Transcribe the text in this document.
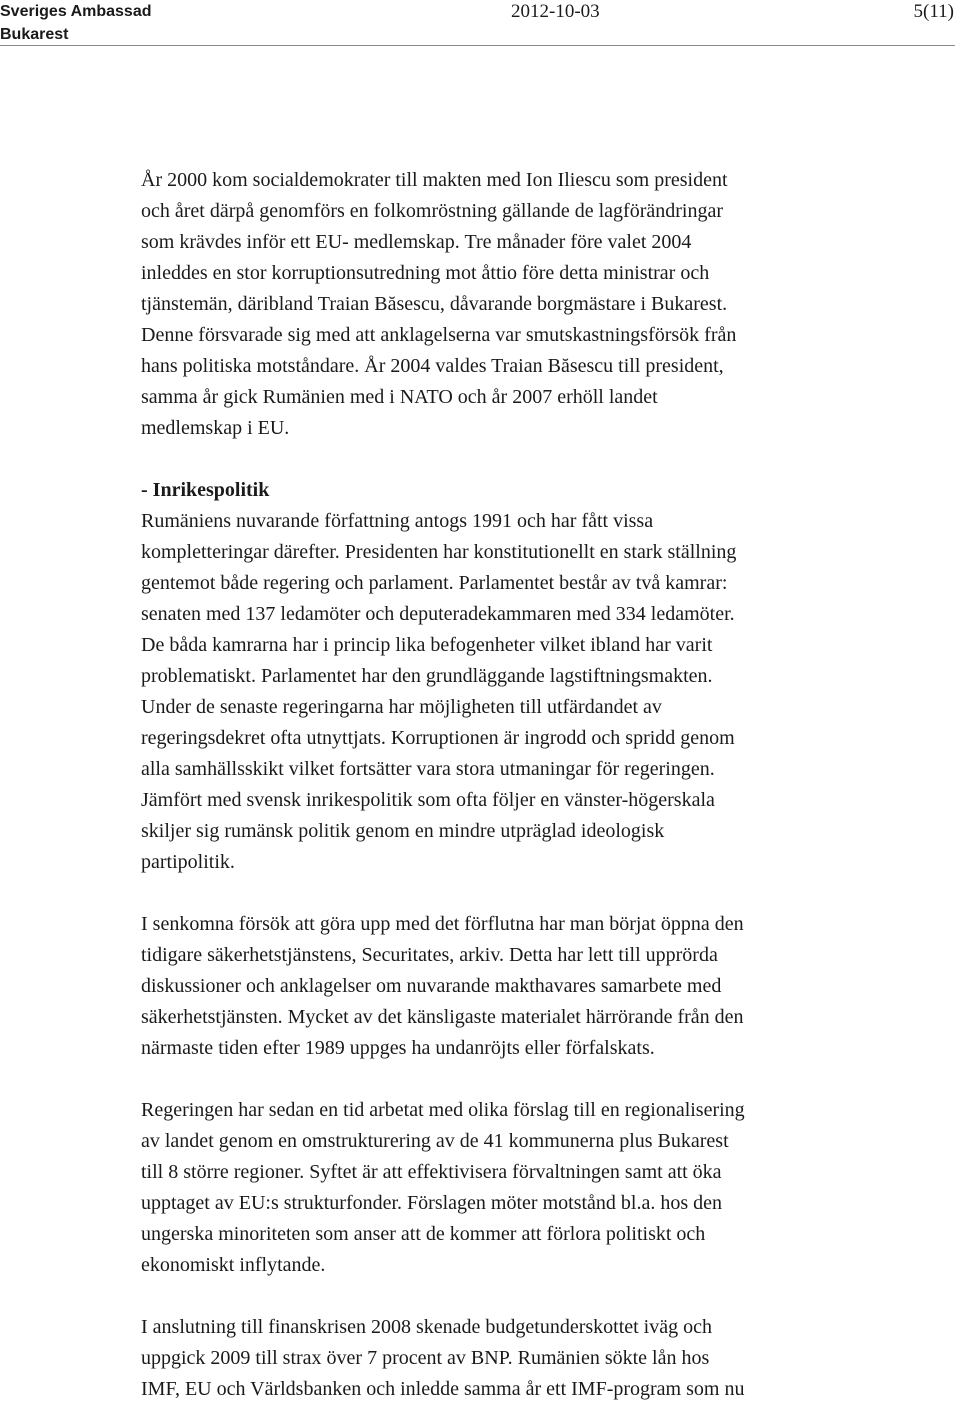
Sveriges Ambassad
Bukarest
2012-10-03	5(11)

År 2000 kom socialdemokrater till makten med Ion Iliescu som president
och året därpå genomförs en folkomröstning gällande de lagförändringar
som krävdes inför ett EU- medlemskap. Tre månader före valet 2004
inleddes en stor korruptionsutredning mot åttio före detta ministrar och
tjänstemän, däribland Traian Băsescu, dåvarande borgmästare i Bukarest.
Denne försvarade sig med att anklagelserna var smutskastningsförsök från
hans politiska motståndare. År 2004 valdes Traian Băsescu till president,
samma år gick Rumänien med i NATO och år 2007 erhöll landet
medlemskap i EU.

- Inrikespolitik

Rumäniens nuvarande författning antogs 1991 och har fått vissa
kompletteringar därefter. Presidenten har konstitutionellt en stark ställning
gentemot både regering och parlament. Parlamentet består av två kamrar:
senaten med 137 ledamöter och deputeradekammaren med 334 ledamöter.
De båda kamrarna har i princip lika befogenheter vilket ibland har varit
problematiskt. Parlamentet har den grundläggande lagstiftningsmakten.
Under de senaste regeringarna har möjligheten till utfärdandet av
regeringsdekret ofta utnyttjats. Korruptionen är ingrodd och spridd genom
alla samhällsskikt vilket fortsätter vara stora utmaningar för regeringen.
Jämfört med svensk inrikespolitik som ofta följer en vänster-högerskala
skiljer sig rumänsk politik genom en mindre utpräglad ideologisk
partipolitik.

I senkomna försök att göra upp med det förflutna har man börjat öppna den
tidigare säkerhetstjänstens, Securitates, arkiv. Detta har lett till upprörda
diskussioner och anklagelser om nuvarande makthavares samarbete med
säkerhetstjänsten. Mycket av det känsligaste materialet härrörande från den
närmaste tiden efter 1989 uppges ha undanröjts eller förfalskats.

Regeringen har sedan en tid arbetat med olika förslag till en regionalisering
av landet genom en omstrukturering av de 41 kommunerna plus Bukarest
till 8 större regioner. Syftet är att effektivisera förvaltningen samt att öka
upptaget av EU:s strukturfonder. Förslagen möter motstånd bl.a. hos den
ungerska minoriteten som anser att de kommer att förlora politiskt och
ekonomiskt inflytande.

I anslutning till finanskrisen 2008 skenade budgetunderskottet iväg och
uppgick 2009 till strax över 7 procent av BNP. Rumänien sökte lån hos
IMF, EU och Världsbanken och inledde samma år ett IMF-program som nu
